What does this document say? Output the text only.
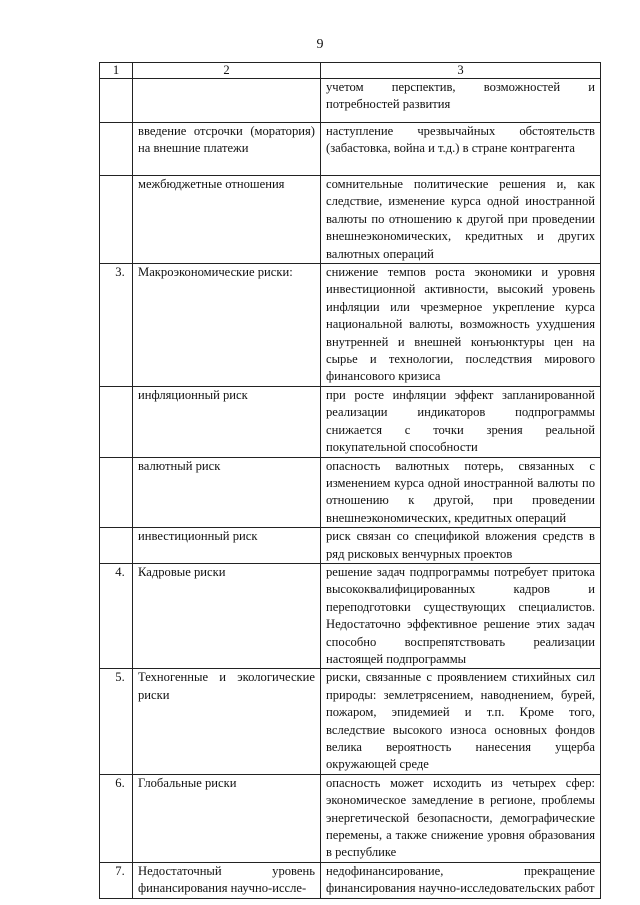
9
1	2	3
		учетом перспектив, возможностей и потребностей развития
	введение отсрочки (моратория) на внешние платежи	наступление чрезвычайных обстоятельств (забастовка, война и т.д.) в стране контрагента
	межбюджетные отношения	сомнительные политические решения и, как следствие, изменение курса одной иностранной валюты по отношению к другой при проведении внешнеэкономических, кредитных и других валютных операций
3.	Макроэкономические риски:	снижение темпов роста экономики и уровня инвестиционной активности, высокий уровень инфляции или чрезмерное укрепление курса национальной валюты, возможность ухудшения внутренней и внешней конъюнктуры цен на сырье и технологии, последствия мирового финансового кризиса
	инфляционный риск	при росте инфляции эффект запланированной реализации индикаторов подпрограммы снижается с точки зрения реальной покупательной способности
	валютный риск	опасность валютных потерь, связанных с изменением курса одной иностранной валюты по отношению к другой, при проведении внешнеэкономических, кредитных операций
	инвестиционный риск	риск связан со спецификой вложения средств в ряд рисковых венчурных проектов
4.	Кадровые риски	решение задач подпрограммы потребует притока высококвалифицированных кадров и переподготовки существующих специалистов. Недостаточно эффективное решение этих задач способно воспрепятствовать реализации настоящей подпрограммы
5.	Техногенные и экологические риски	риски, связанные с проявлением стихийных сил природы: землетрясением, наводнением, бурей, пожаром, эпидемией и т.п. Кроме того, вследствие высокого износа основных фондов велика вероятность нанесения ущерба окружающей среде
6.	Глобальные риски	опасность может исходить из четырех сфер: экономическое замедление в регионе, проблемы энергетической безопасности, демографические перемены, а также снижение уровня образования в республике
7.	Недостаточный уровень финансирования научно-иссле-	недофинансирование, прекращение финансирования научно-исследовательских работ
